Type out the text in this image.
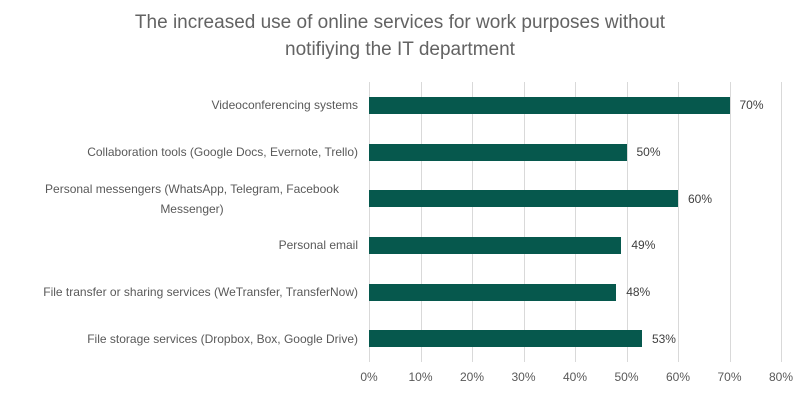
The increased use of online services for work purposes without notifiying the IT department
Videoconferencing systems
Collaboration tools (Google Docs, Evernote, Trello)
Personal messengers (WhatsApp, Telegram, Facebook Messenger)
Personal email
File transfer or sharing services (WeTransfer, TransferNow)
File storage services (Dropbox, Box, Google Drive)
70%
50%
60%
49%
48%
53%
0%	10% 20% 30% 40% 50% 60% 70% 80%
